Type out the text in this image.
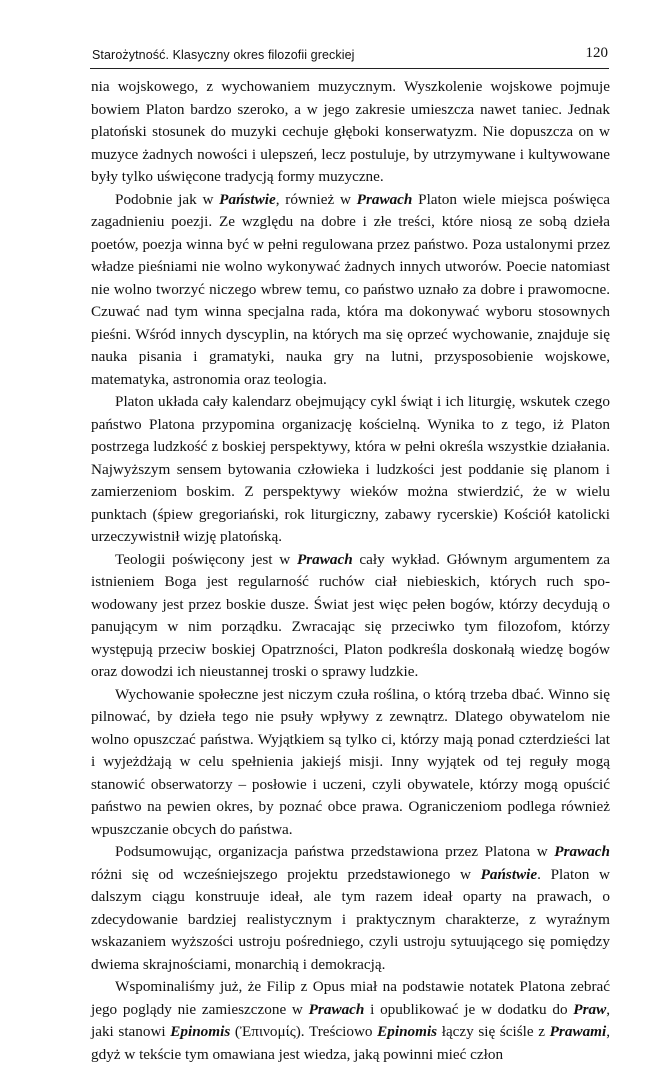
Starożytność. Klasyczny okres filozofii greckiej	120

nia wojskowego, z wychowaniem muzycznym. Wyszkolenie wojskowe pojmuje bowiem Platon bardzo szeroko, a w jego zakresie umieszcza nawet taniec. Jednak platoński stosunek do muzyki cechuje głęboki konserwatyzm. Nie dopuszcza on w muzyce żadnych nowości i ulepszeń, lecz postuluje, by utrzymywane i kultywowane były tylko uświęcone tradycją formy muzyczne.

Podobnie jak w Państwie, również w Prawach Platon wiele miejsca poświęca zagadnieniu poezji. Ze względu na dobre i złe treści, które niosą ze sobą dzieła poetów, poezja winna być w pełni regulowana przez państwo. Poza ustalonymi przez władze pieśniami nie wolno wykonywać żadnych innych utworów. Poecie natomiast nie wolno tworzyć niczego wbrew temu, co państwo uznało za dobre i prawomocne. Czuwać nad tym winna specjalna rada, która ma dokonywać wyboru stosownych pieśni. Wśród innych dyscyplin, na których ma się oprzeć wychowanie, znajduje się nauka pisania i gramatyki, nauka gry na lutni, przysposobienie wojskowe, matematyka, astronomia oraz teologia.

Platon układa cały kalendarz obejmujący cykl świąt i ich liturgię, wskutek czego państwo Platona przypomina organizację kościelną. Wynika to z tego, iż Platon postrzega ludzkość z boskiej perspektywy, która w pełni określa wszystkie działania. Najwyższym sensem bytowania człowieka i ludzkości jest poddanie się planom i zamierzeniom boskim. Z perspektywy wieków można stwierdzić, że w wielu punktach (śpiew gregoriański, rok liturgiczny, zabawy rycerskie) Kościół katolicki urzeczywistnił wizję platońską.

Teologii poświęcony jest w Prawach cały wykład. Głównym argumentem za istnieniem Boga jest regularność ruchów ciał niebieskich, których ruch spowodowany jest przez boskie dusze. Świat jest więc pełen bogów, którzy decydują o panującym w nim porządku. Zwracając się przeciwko tym filozofom, którzy występują przeciw boskiej Opatrzności, Platon podkreśla doskonałą wiedzę bogów oraz dowodzi ich nieustannej troski o sprawy ludzkie.

Wychowanie społeczne jest niczym czuła roślina, o którą trzeba dbać. Winno się pilnować, by dzieła tego nie psuły wpływy z zewnątrz. Dlatego obywatelom nie wolno opuszczać państwa. Wyjątkiem są tylko ci, którzy mają ponad czterdzieści lat i wyjeżdżają w celu spełnienia jakiejś misji. Inny wyjątek od tej reguły mogą stanowić obserwatorzy – posłowie i uczeni, czyli obywatele, którzy mogą opuścić państwo na pewien okres, by poznać obce prawa. Ograniczeniom podlega również wpuszczanie obcych do państwa.

Podsumowując, organizacja państwa przedstawiona przez Platona w Prawach różni się od wcześniejszego projektu przedstawionego w Państwie. Platon w dalszym ciągu konstruuje ideał, ale tym razem ideał oparty na prawach, o zdecydowanie bardziej realistycznym i praktycznym charakterze, z wyraźnym wskazaniem wyższości ustroju pośredniego, czyli ustroju sytuującego się pomiędzy dwiema skrajnościami, monarchią i demokracją.

Wspominaliśmy już, że Filip z Opus miał na podstawie notatek Platona zebrać jego poglądy nie zamieszczone w Prawach i opublikować je w dodatku do Praw, jaki stanowi Epinomis (Ἐπινομίς). Treściowo Epinomis łączy się ściśle z Prawami, gdyż w tekście tym omawiana jest wiedza, jaką powinni mieć człon
